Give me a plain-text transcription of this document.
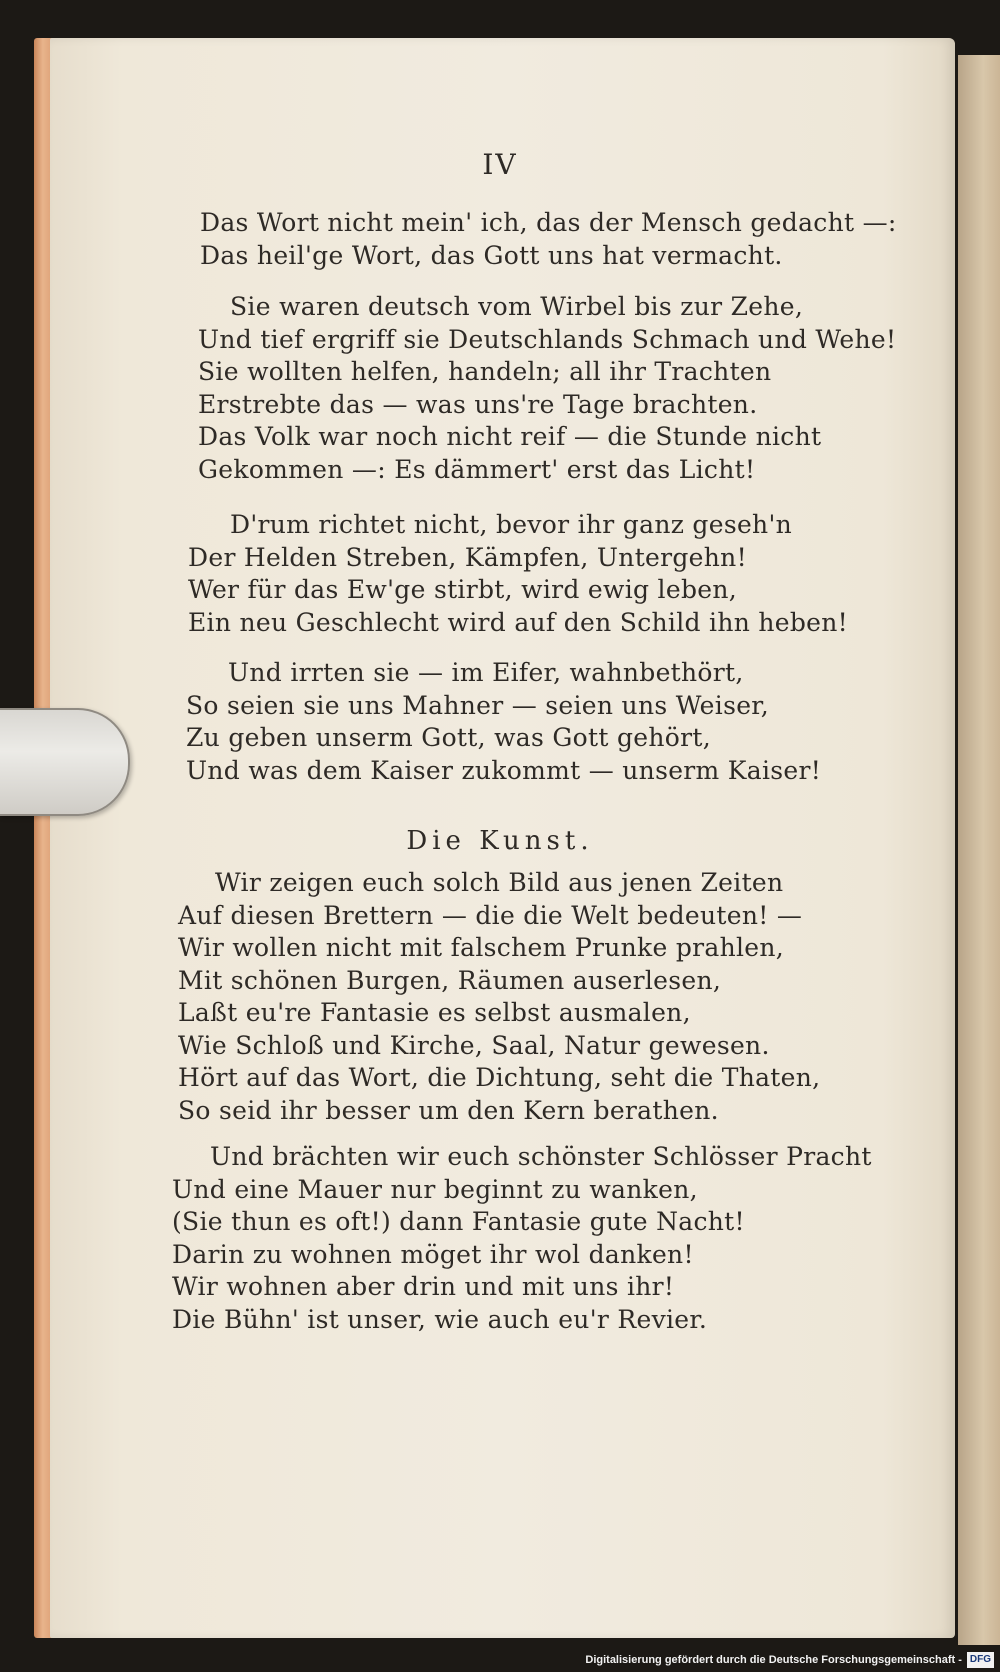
IV
Das Wort nicht mein' ich, das der Mensch gedacht —:
Das heil'ge Wort, das Gott uns hat vermacht.
Sie waren deutsch vom Wirbel bis zur Zehe,
Und tief ergriff sie Deutschlands Schmach und Wehe!
Sie wollten helfen, handeln; all ihr Trachten
Erstrebte das — was uns're Tage brachten.
Das Volk war noch nicht reif — die Stunde nicht
Gekommen —: Es dämmert' erst das Licht!
D'rum richtet nicht, bevor ihr ganz geseh'n
Der Helden Streben, Kämpfen, Untergehn!
Wer für das Ew'ge stirbt, wird ewig leben,
Ein neu Geschlecht wird auf den Schild ihn heben!
Und irrten sie — im Eifer, wahnbethört,
So seien sie uns Mahner — seien uns Weiser,
Zu geben unserm Gott, was Gott gehört,
Und was dem Kaiser zukommt — unserm Kaiser!
Wir zeigen euch solch Bild aus jenen Zeiten
Auf diesen Brettern — die die Welt bedeuten! —
Wir wollen nicht mit falschem Prunke prahlen,
Mit schönen Burgen, Räumen auserlesen,
Laßt eu're Fantasie es selbst ausmalen,
Wie Schloß und Kirche, Saal, Natur gewesen.
Hört auf das Wort, die Dichtung, seht die Thaten,
So seid ihr besser um den Kern berathen.
Und brächten wir euch schönster Schlösser Pracht
Und eine Mauer nur beginnt zu wanken,
(Sie thun es oft!) dann Fantasie gute Nacht!
Darin zu wohnen möget ihr wol danken!
Wir wohnen aber drin und mit uns ihr!
Die Bühn' ist unser, wie auch eu'r Revier.
Die Kunst.
Digitalisierung gefördert durch die Deutsche Forschungsgemeinschaft - DFG
